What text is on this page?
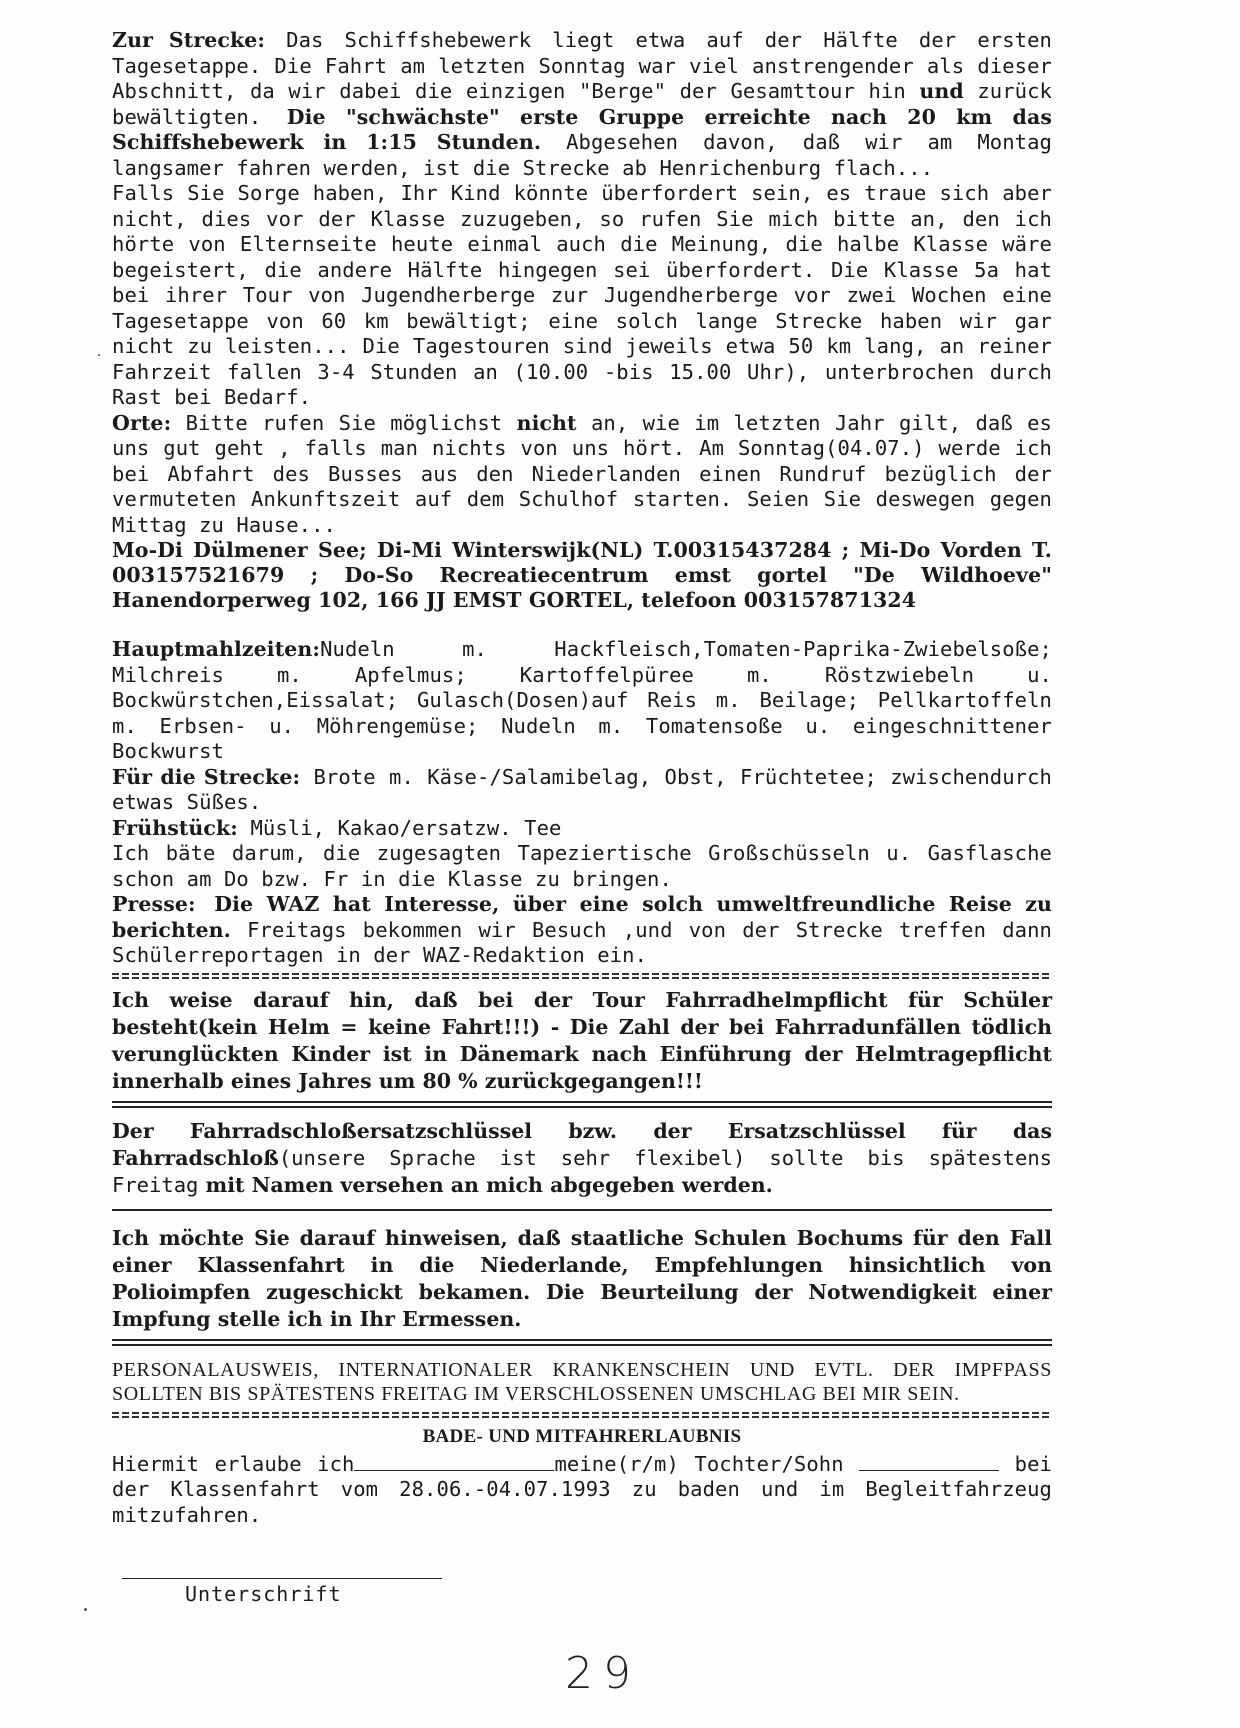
Zur Strecke: Das Schiffshebewerk liegt etwa auf der Hälfte der ersten Tagesetappe. Die Fahrt am letzten Sonntag war viel anstrengender als dieser Abschnitt, da wir dabei die einzigen "Berge" der Gesamttour hin und zurück bewältigten. Die "schwächste" erste Gruppe erreichte nach 20 km das Schiffshebewerk in 1:15 Stunden. Abgesehen davon, daß wir am Montag langsamer fahren werden, ist die Strecke ab Henrichenburg flach...

Falls Sie Sorge haben, Ihr Kind könnte überfordert sein, es traue sich aber nicht, dies vor der Klasse zuzugeben, so rufen Sie mich bitte an, den ich hörte von Elternseite heute einmal auch die Meinung, die halbe Klasse wäre begeistert, die andere Hälfte hingegen sei überfordert. Die Klasse 5a hat bei ihrer Tour von Jugendherberge zur Jugendherberge vor zwei Wochen eine Tagesetappe von 60 km bewältigt; eine solch lange Strecke haben wir gar nicht zu leisten... Die Tagestouren sind jeweils etwa 50 km lang, an reiner Fahrzeit fallen 3-4 Stunden an (10.00 -bis 15.00 Uhr), unterbrochen durch Rast bei Bedarf.

Orte: Bitte rufen Sie möglichst nicht an, wie im letzten Jahr gilt, daß es uns gut geht , falls man nichts von uns hört. Am Sonntag(04.07.) werde ich bei Abfahrt des Busses aus den Niederlanden einen Rundruf bezüglich der vermuteten Ankunftszeit auf dem Schulhof starten. Seien Sie deswegen gegen Mittag zu Hause...

Mo-Di Dülmener See; Di-Mi Winterswijk(NL) T.00315437284 ; Mi-Do Vorden T. 003157521679 ; Do-So Recreatiecentrum emst gortel "De Wildhoeve" Hanendorperweg 102, 166 JJ EMST GORTEL, telefoon 003157871324

Hauptmahlzeiten:Nudeln m. Hackfleisch,Tomaten-Paprika-Zwiebelsoße; Milchreis m. Apfelmus; Kartoffelpüree m. Röstzwiebeln u. Bockwürstchen,Eissalat; Gulasch(Dosen)auf Reis m. Beilage; Pellkartoffeln m. Erbsen- u. Möhrengemüse; Nudeln m. Tomatensoße u. eingeschnittener Bockwurst

Für die Strecke: Brote m. Käse-/Salamibelag, Obst, Früchtetee; zwischendurch etwas Süßes.

Frühstück: Müsli, Kakao/ersatzw. Tee

Ich bäte darum, die zugesagten Tapeziertische Großschüsseln u. Gasflasche schon am Do bzw. Fr in die Klasse zu bringen.

Presse: Die WAZ hat Interesse, über eine solch umweltfreundliche Reise zu berichten. Freitags bekommen wir Besuch ,und von der Strecke treffen dann Schülerreportagen in der WAZ-Redaktion ein.

Ich weise darauf hin, daß bei der Tour Fahrradhelmpflicht für Schüler besteht(kein Helm = keine Fahrt!!!) - Die Zahl der bei Fahrradunfällen tödlich verunglückten Kinder ist in Dänemark nach Einführung der Helmtragepflicht innerhalb eines Jahres um 80 % zurückgegangen!!!

Der Fahrradschloßersatzschlüssel bzw. der Ersatzschlüssel für das Fahrradschloß(unsere Sprache ist sehr flexibel) sollte bis spätestens Freitag mit Namen versehen an mich abgegeben werden.

Ich möchte Sie darauf hinweisen, daß staatliche Schulen Bochums für den Fall einer Klassenfahrt in die Niederlande, Empfehlungen hinsichtlich von Polioimpfen zugeschickt bekamen. Die Beurteilung der Notwendigkeit einer Impfung stelle ich in Ihr Ermessen.

PERSONALAUSWEIS, INTERNATIONALER KRANKENSCHEIN UND EVTL. DER IMPFPASS SOLLTEN BIS SPÄTESTENS FREITAG IM VERSCHLOSSENEN UMSCHLAG BEI MIR SEIN.

BADE- UND MITFAHRERLAUBNIS

Hiermit erlaube ich	meine(r/m) Tochter/Sohn	bei der Klassenfahrt vom 28.06.-04.07.1993 zu baden und im Begleitfahrzeug mitzufahren.

Unterschrift
29
